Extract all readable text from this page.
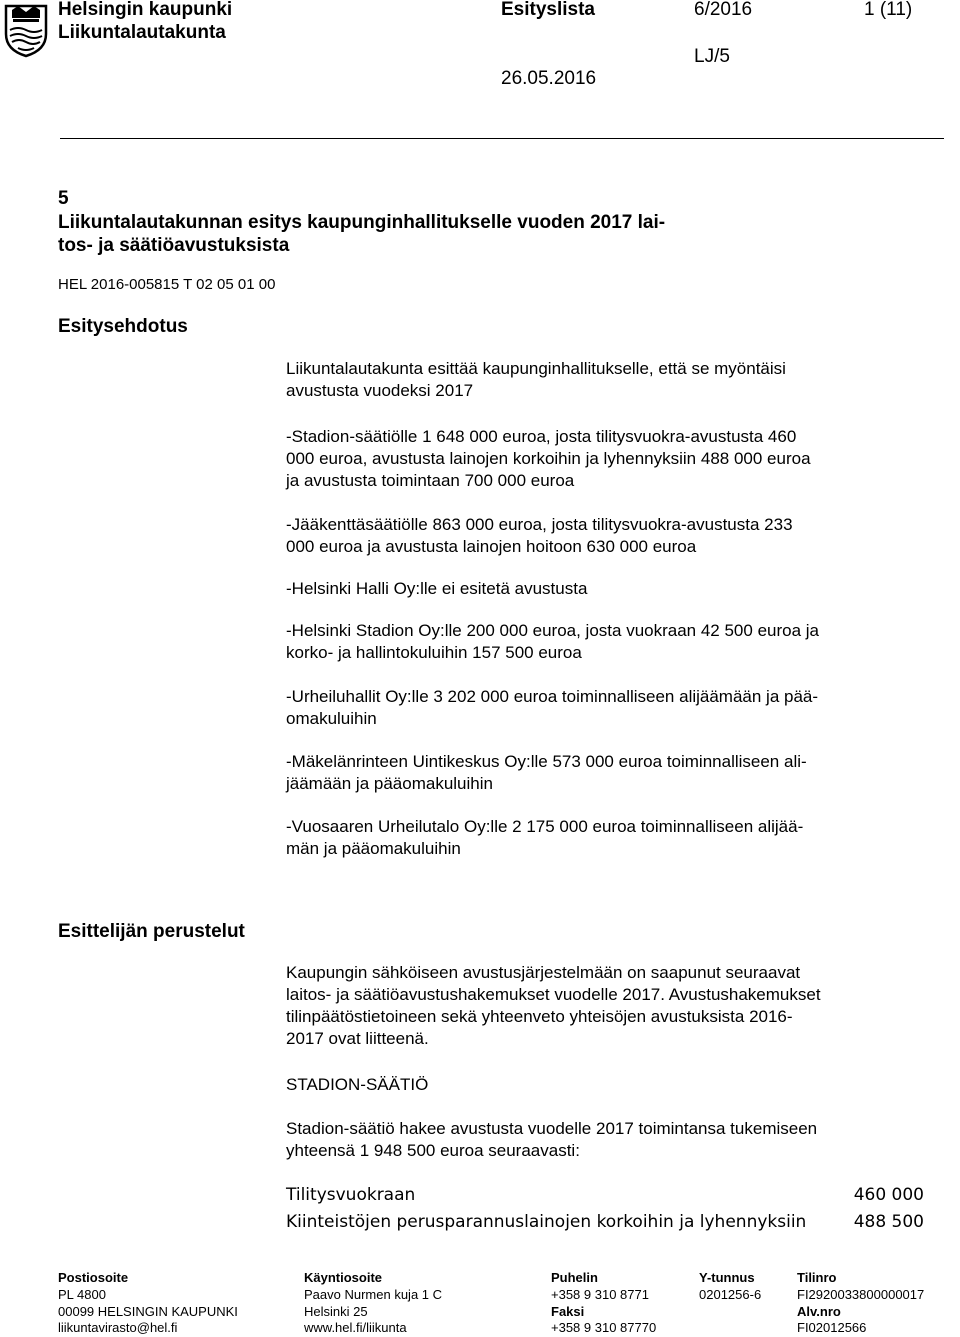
Helsingin kaupunki
Liikuntalautakunta
Esityslista	6/2016	1 (11)
LJ/5
26.05.2016
5
Liikuntalautakunnan esitys kaupunginhallitukselle vuoden 2017 lai-
tos- ja säätiöavustuksista
HEL 2016-005815 T 02 05 01 00
Esitysehdotus
Liikuntalautakunta esittää kaupunginhallitukselle, että se myöntäisi
avustusta vuodeksi 2017
-Stadion-säätiölle 1 648 000 euroa, josta tilitysvuokra-avustusta 460
000 euroa, avustusta lainojen korkoihin ja lyhennyksiin 488 000 euroa
ja avustusta toimintaan 700 000 euroa
-Jääkenttäsäätiölle 863 000 euroa, josta tilitysvuokra-avustusta 233
000 euroa ja avustusta lainojen hoitoon 630 000 euroa
-Helsinki Halli Oy:lle ei esitetä avustusta
-Helsinki Stadion Oy:lle 200 000 euroa, josta vuokraan 42 500 euroa ja
korko- ja hallintokuluihin 157 500 euroa
-Urheiluhallit Oy:lle 3 202 000 euroa toiminnalliseen alijäämään ja pää-
omakuluihin
-Mäkelänrinteen Uintikeskus Oy:lle 573 000 euroa toiminnalliseen ali-
jäämään ja pääomakuluihin
-Vuosaaren Urheilutalo Oy:lle 2 175 000 euroa toiminnalliseen alijää-
män ja pääomakuluihin
Esittelijän perustelut
Kaupungin sähköiseen avustusjärjestelmään on saapunut seuraavat
laitos- ja säätiöavustushakemukset vuodelle 2017. Avustushakemukset
tilinpäätöstietoineen sekä yhteenveto yhteisöjen avustuksista 2016-
2017 ovat liitteenä.
STADION-SÄÄTIÖ
Stadion-säätiö hakee avustusta vuodelle 2017 toimintansa tukemiseen
yhteensä 1 948 500 euroa seuraavasti:
Tilitysvuokraan	460 000
Kiinteistöjen perusparannuslainojen korkoihin ja lyhennyksiin	488 500
Postiosoite
PL 4800
00099 HELSINGIN KAUPUNKI
liikuntavirasto@hel.fi
Käyntiosoite
Paavo Nurmen kuja 1 C
Helsinki 25
www.hel.fi/liikunta
Puhelin
+358 9 310 8771
Faksi
+358 9 310 87770
Y-tunnus
0201256-6
Tilinro
FI2920033800000017
Alv.nro
FI02012566
